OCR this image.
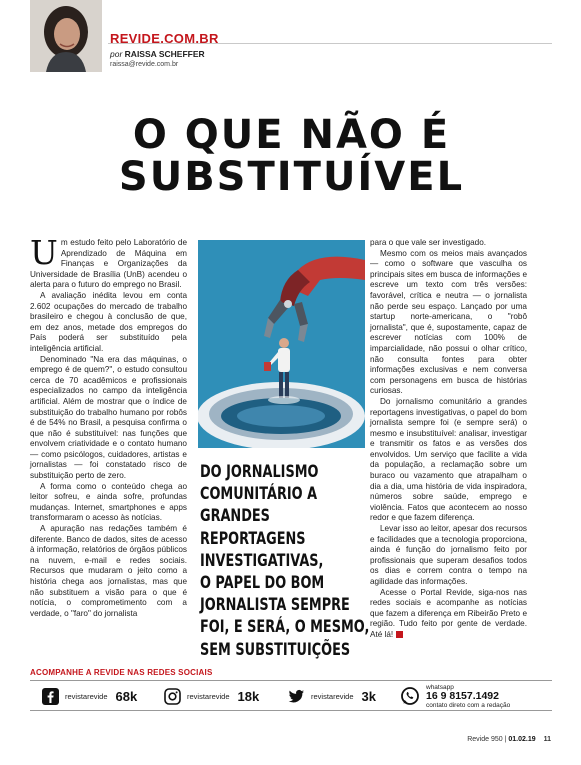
REVIDE.COM.BR
por RAISSA SCHEFFER
raissa@revide.com.br
O QUE NÃO É
SUBSTITUÍVEL

Um estudo feito pelo Laboratório de Aprendizado de Máquina em Finanças e Organizações da Universidade de Brasília (UnB) acendeu o alerta para o futuro do emprego no Brasil.

A avaliação inédita levou em conta 2.602 ocupações do mercado de trabalho brasileiro e chegou à conclusão de que, em dez anos, metade dos empregos do País poderá ser substituído pela inteligência artificial.

Denominado "Na era das máquinas, o emprego é de quem?", o estudo consultou cerca de 70 acadêmicos e profissionais especializados no campo da inteligência artificial. Além de mostrar que o índice de substituição do trabalho humano por robôs é de 54% no Brasil, a pesquisa confirma o que não é substituível: nas funções que envolvem criatividade e o contato humano — como psicólogos, cuidadores, artistas e jornalistas — foi constatado risco de substituição perto de zero.

A forma como o conteúdo chega ao leitor sofreu, e ainda sofre, profundas mudanças. Internet, smartphones e apps transformaram o acesso às notícias.

A apuração nas redações também é diferente. Banco de dados, sites de acesso à informação, relatórios de órgãos públicos na nuvem, e-mail e redes sociais. Recursos que mudaram o jeito como a história chega aos jornalistas, mas que não substituem a visão para o que é notícia, o comprometimento com a verdade, o "faro" do jornalista

DO JORNALISMO
COMUNITÁRIO A
GRANDES REPORTAGENS
INVESTIGATIVAS,
O PAPEL DO BOM
JORNALISTA SEMPRE
FOI, E SERÁ, O MESMO,
SEM SUBSTITUIÇÕES

para o que vale ser investigado.

Mesmo com os meios mais avançados — como o software que vasculha os principais sites em busca de informações e escreve um texto com três versões: favorável, crítica e neutra — o jornalista não perde seu espaço. Lançado por uma startup norte-americana, o "robô jornalista", que é, supostamente, capaz de escrever notícias com 100% de imparcialidade, não possui o olhar crítico, não consulta fontes para obter informações exclusivas e nem conversa com personagens em busca de histórias curiosas.

Do jornalismo comunitário a grandes reportagens investigativas, o papel do bom jornalista sempre foi (e sempre será) o mesmo e insubstituível: analisar, investigar e transmitir os fatos e as versões dos envolvidos. Um serviço que facilite a vida da população, a reclamação sobre um buraco ou vazamento que atrapalham o dia a dia, uma história de vida inspiradora, números sobre saúde, emprego e violência. Fatos que acontecem ao nosso redor e que fazem diferença.

Levar isso ao leitor, apesar dos recursos e facilidades que a tecnologia proporciona, ainda é função do jornalismo feito por profissionais que superam desafios todos os dias e correm contra o tempo na agilidade das informações.

Acesse o Portal Revide, siga-nos nas redes sociais e acompanhe as notícias que fazem a diferença em Ribeirão Preto e região. Tudo feito por gente de verdade. Até lá!

ACOMPANHE A REVIDE NAS REDES SOCIAIS
revistarevide 68k	revistarevide 18k	revistarevide 3k
whatsapp
16 9 8157.1492
contato direto com a redação
Revide 950 | 01.02.19 11
